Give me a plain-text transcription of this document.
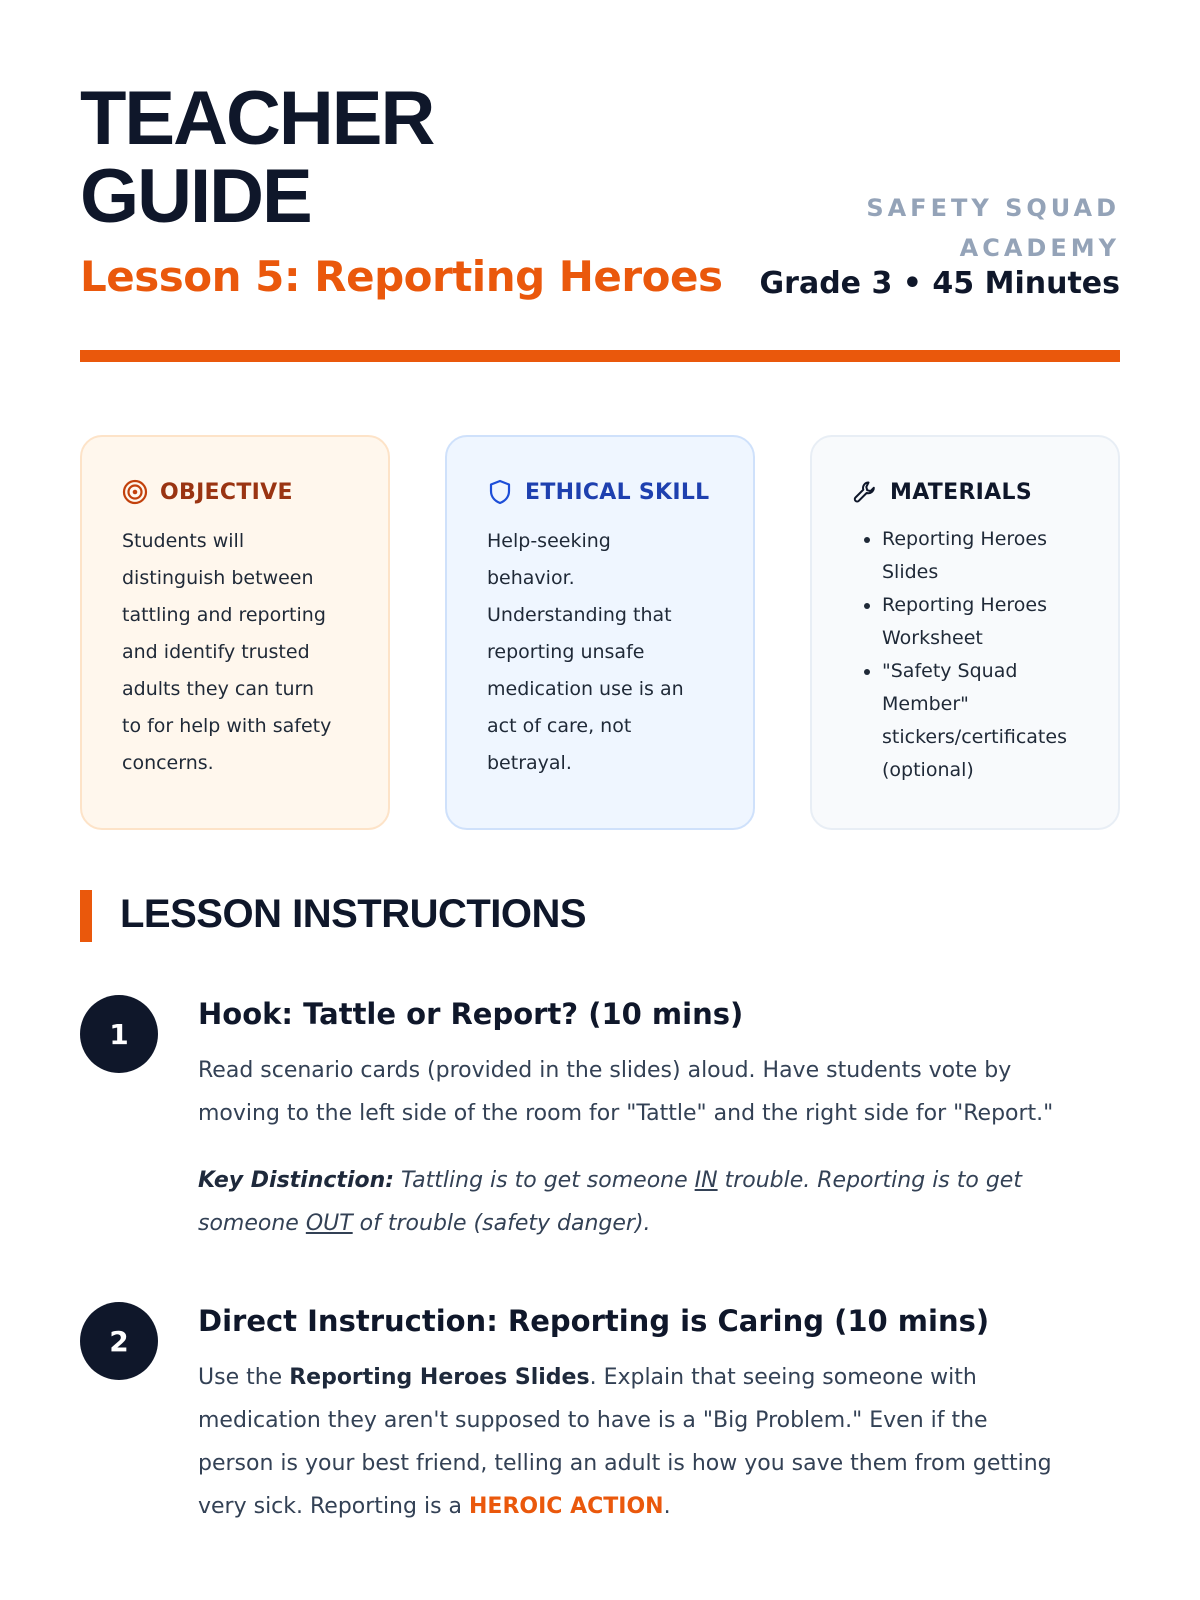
TEACHER
GUIDE
Lesson 5: Reporting Heroes
SAFETY SQUAD
ACADEMY
Grade 3 • 45 Minutes
OBJECTIVE
Students will
distinguish between
tattling and reporting
and identify trusted
adults they can turn
to for help with safety
concerns.
ETHICAL SKILL
Help-seeking
behavior.
Understanding that
reporting unsafe
medication use is an
act of care, not
betrayal.
MATERIALS
• Reporting Heroes
Slides
• Reporting Heroes
Worksheet
• "Safety Squad
Member"
stickers/certificates
(optional)
LESSON INSTRUCTIONS
1
Hook: Tattle or Report? (10 mins)

Read scenario cards (provided in the slides) aloud. Have students vote by
moving to the left side of the room for "Tattle" and the right side for "Report."

Key Distinction: Tattling is to get someone IN trouble. Reporting is to get
someone OUT of trouble (safety danger).

2
Direct Instruction: Reporting is Caring (10 mins)

Use the Reporting Heroes Slides. Explain that seeing someone with
medication they aren't supposed to have is a "Big Problem." Even if the
person is your best friend, telling an adult is how you save them from getting
very sick. Reporting is a HEROIC ACTION.
